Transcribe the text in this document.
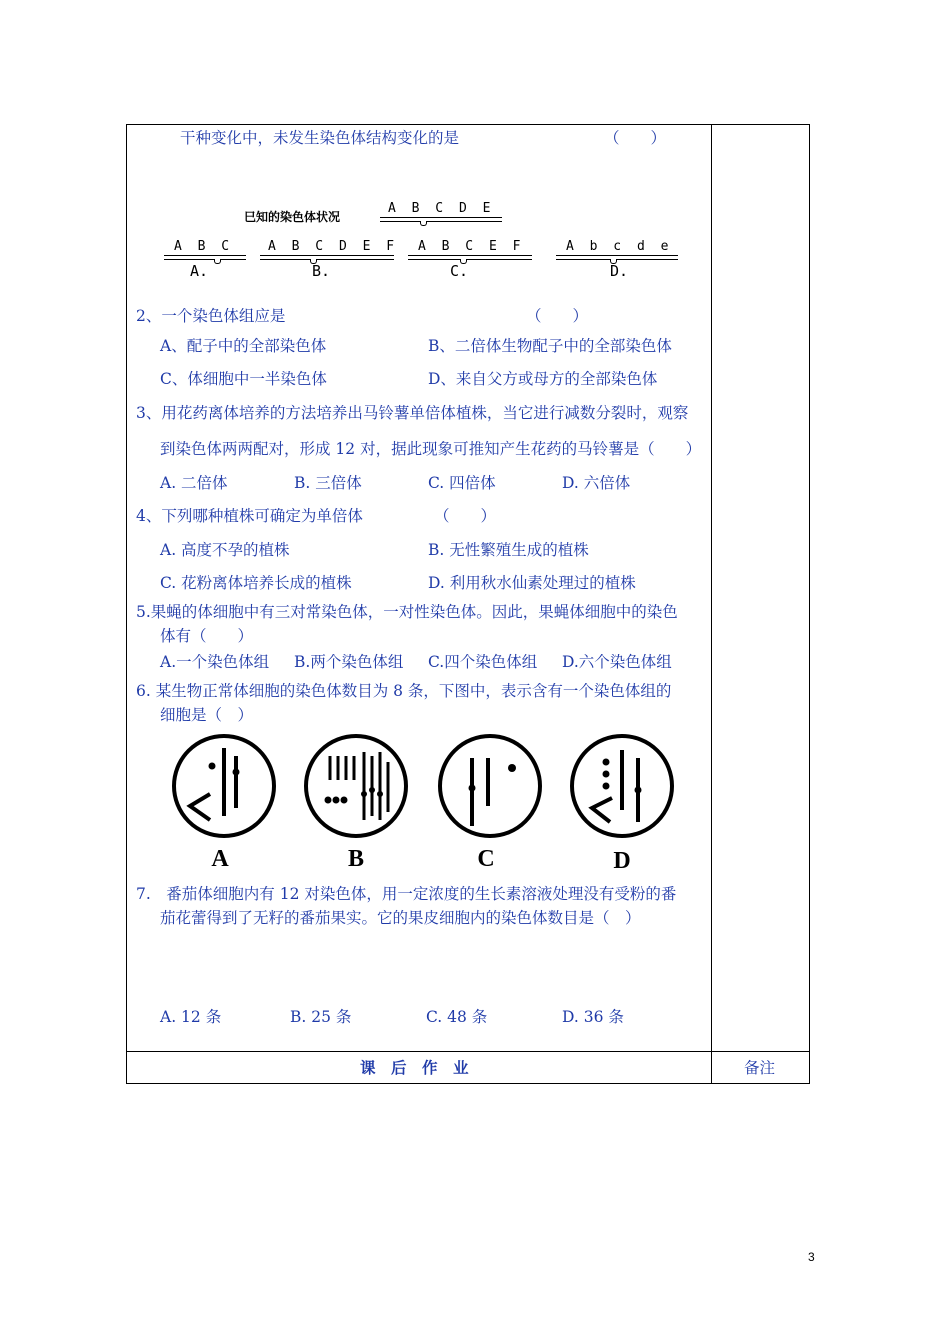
干种变化中，未发生染色体结构变化的是	（　　）
巳知的染色体状况
A B C D E
A B C
A.
A B C D E F
B.
A B C E F
C.
A b c d e
D.
2、一个染色体组应是	（　　）
A、配子中的全部染色体	B、二倍体生物配子中的全部染色体
C、体细胞中一半染色体	D、来自父方或母方的全部染色体
3、用花药离体培养的方法培养出马铃薯单倍体植株，当它进行减数分裂时，观察
到染色体两两配对，形成 12 对，据此现象可推知产生花药的马铃薯是（　　）
A. 二倍体	B. 三倍体	C. 四倍体	D. 六倍体
4、下列哪种植株可确定为单倍体	（　　）
A. 高度不孕的植株	B. 无性繁殖生成的植株
C. 花粉离体培养长成的植株	D. 利用秋水仙素处理过的植株
5.果蝇的体细胞中有三对常染色体，一对性染色体。因此，果蝇体细胞中的染色
体有（　　）
A.一个染色体组 B.两个染色体组 C.四个染色体组 D.六个染色体组
6. 某生物正常体细胞的染色体数目为 8 条，下图中，表示含有一个染色体组的
细胞是（　）
A	B	C	D
7.　番茄体细胞内有 12 对染色体，用一定浓度的生长素溶液处理没有受粉的番
茄花蕾得到了无籽的番茄果实。它的果皮细胞内的染色体数目是（　）
A. 12 条	B. 25 条	C. 48 条	D. 36 条
课　后　作　业	备注
3
